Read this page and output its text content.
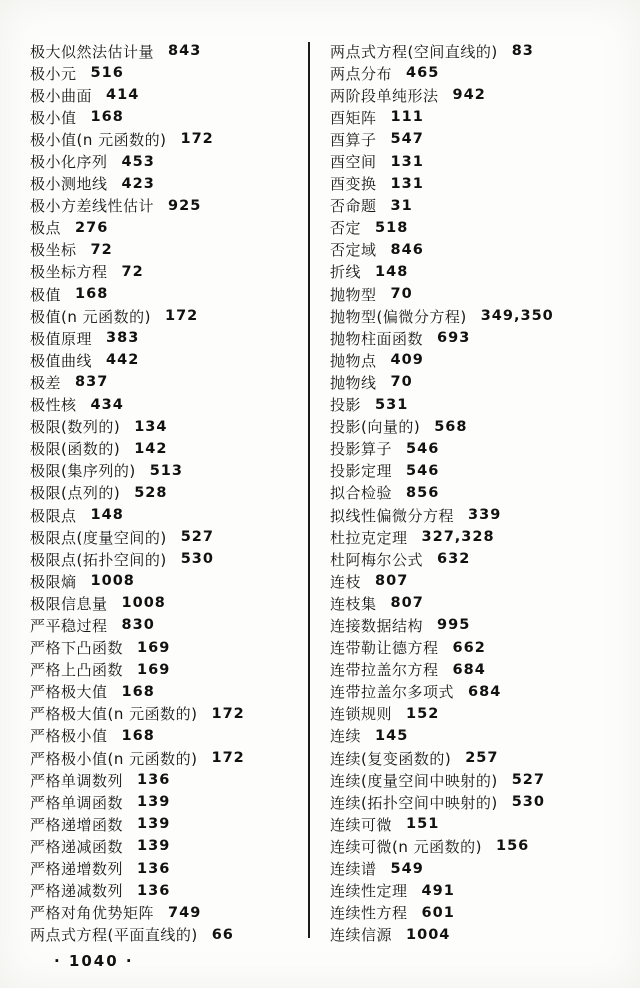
极大似然法估计量 843
极小元 516
极小曲面 414
极小值 168
极小值(n 元函数的) 172
极小化序列 453
极小测地线 423
极小方差线性估计 925
极点 276
极坐标 72
极坐标方程 72
极值 168
极值(n 元函数的) 172
极值原理 383
极值曲线 442
极差 837
极性核 434
极限(数列的) 134
极限(函数的) 142
极限(集序列的) 513
极限(点列的) 528
极限点 148
极限点(度量空间的) 527
极限点(拓扑空间的) 530
极限熵 1008
极限信息量 1008
严平稳过程 830
严格下凸函数 169
严格上凸函数 169
严格极大值 168
严格极大值(n 元函数的) 172
严格极小值 168
严格极小值(n 元函数的) 172
严格单调数列 136
严格单调函数 139
严格递增函数 139
严格递减函数 139
严格递增数列 136
严格递减数列 136
严格对角优势矩阵 749
两点式方程(平面直线的) 66
两点式方程(空间直线的) 83
两点分布 465
两阶段单纯形法 942
酉矩阵 111
酉算子 547
酉空间 131
酉变换 131
否命题 31
否定 518
否定域 846
折线 148
抛物型 70
抛物型(偏微分方程) 349,350
抛物柱面函数 693
抛物点 409
抛物线 70
投影 531
投影(向量的) 568
投影算子 546
投影定理 546
拟合检验 856
拟线性偏微分方程 339
杜拉克定理 327,328
杜阿梅尔公式 632
连枝 807
连枝集 807
连接数据结构 995
连带勒让德方程 662
连带拉盖尔方程 684
连带拉盖尔多项式 684
连锁规则 152
连续 145
连续(复变函数的) 257
连续(度量空间中映射的) 527
连续(拓扑空间中映射的) 530
连续可微 151
连续可微(n 元函数的) 156
连续谱 549
连续性定理 491
连续性方程 601
连续信源 1004
· 1040 ·
